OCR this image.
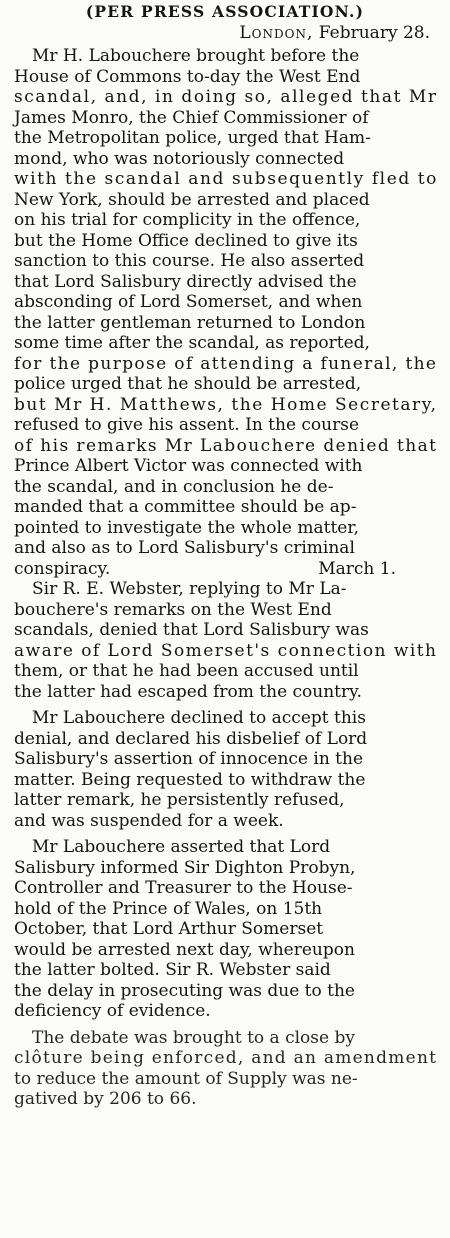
(PER PRESS ASSOCIATION.)
London, February 28.
Mr H. Labouchere brought before the
House of Commons to-day the West End
scandal, and, in doing so, alleged that Mr
James Monro, the Chief Commissioner of
the Metropolitan police, urged that Ham-
mond, who was notoriously connected
with the scandal and subsequently fled to
New York, should be arrested and placed
on his trial for complicity in the offence,
but the Home Office declined to give its
sanction to this course. He also asserted
that Lord Salisbury directly advised the
absconding of Lord Somerset, and when
the latter gentleman returned to London
some time after the scandal, as reported,
for the purpose of attending a funeral, the
police urged that he should be arrested,
but Mr H. Matthews, the Home Secretary,
refused to give his assent. In the course
of his remarks Mr Labouchere denied that
Prince Albert Victor was connected with
the scandal, and in conclusion he de-
manded that a committee should be ap-
pointed to investigate the whole matter,
and also as to Lord Salisbury's criminal
conspiracy.	March 1.
Sir R. E. Webster, replying to Mr La-
bouchere's remarks on the West End
scandals, denied that Lord Salisbury was
aware of Lord Somerset's connection with
them, or that he had been accused until
the latter had escaped from the country.
Mr Labouchere declined to accept this
denial, and declared his disbelief of Lord
Salisbury's assertion of innocence in the
matter. Being requested to withdraw the
latter remark, he persistently refused,
and was suspended for a week.
Mr Labouchere asserted that Lord
Salisbury informed Sir Dighton Probyn,
Controller and Treasurer to the House-
hold of the Prince of Wales, on 15th
October, that Lord Arthur Somerset
would be arrested next day, whereupon
the latter bolted. Sir R. Webster said
the delay in prosecuting was due to the
deficiency of evidence.
The debate was brought to a close by
clôture being enforced, and an amendment
to reduce the amount of Supply was ne-
gatived by 206 to 66.
